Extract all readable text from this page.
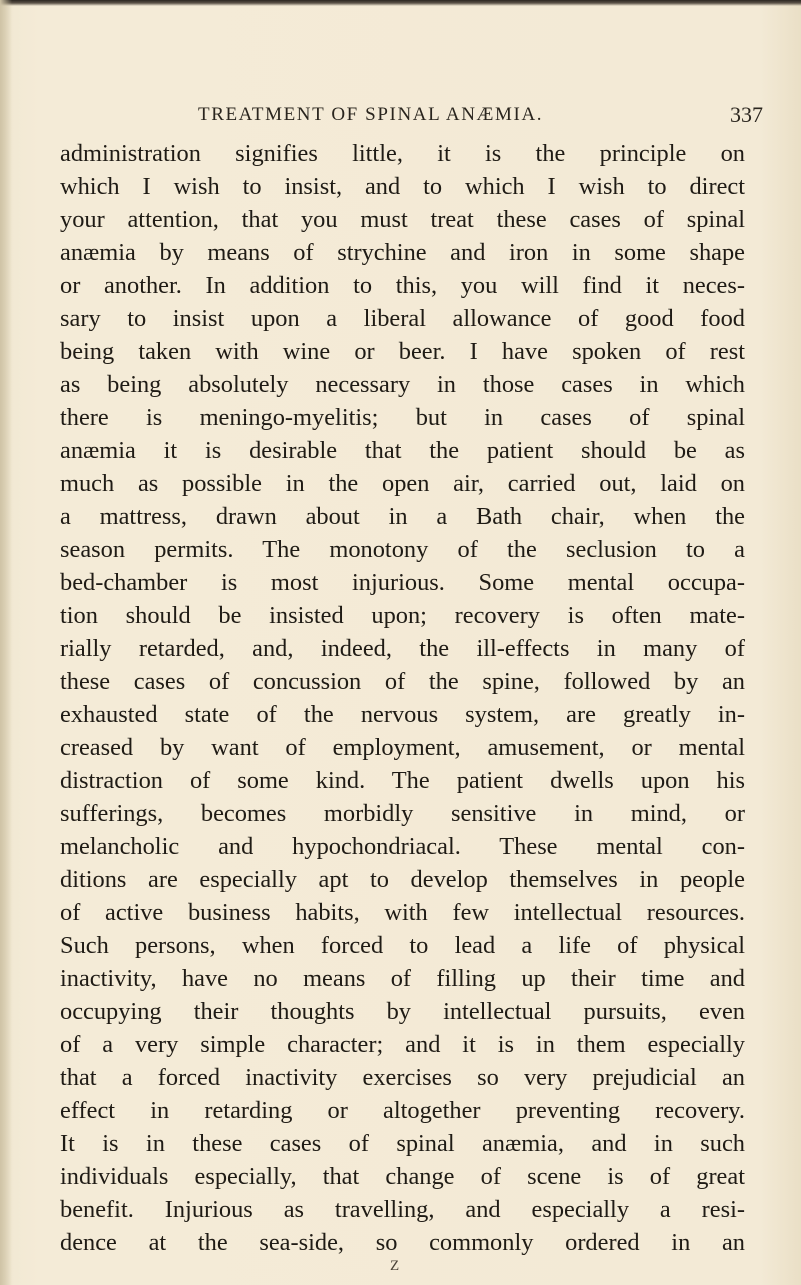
TREATMENT OF SPINAL ANÆMIA.	337
administration signifies little, it is the principle on
which I wish to insist, and to which I wish to direct
your attention, that you must treat these cases of spinal
anæmia by means of strychine and iron in some shape
or another. In addition to this, you will find it neces-
sary to insist upon a liberal allowance of good food
being taken with wine or beer. I have spoken of rest
as being absolutely necessary in those cases in which
there is meningo-myelitis; but in cases of spinal
anæmia it is desirable that the patient should be as
much as possible in the open air, carried out, laid on
a mattress, drawn about in a Bath chair, when the
season permits. The monotony of the seclusion to a
bed-chamber is most injurious. Some mental occupa-
tion should be insisted upon; recovery is often mate-
rially retarded, and, indeed, the ill-effects in many of
these cases of concussion of the spine, followed by an
exhausted state of the nervous system, are greatly in-
creased by want of employment, amusement, or mental
distraction of some kind. The patient dwells upon his
sufferings, becomes morbidly sensitive in mind, or
melancholic and hypochondriacal. These mental con-
ditions are especially apt to develop themselves in people
of active business habits, with few intellectual resources.
Such persons, when forced to lead a life of physical
inactivity, have no means of filling up their time and
occupying their thoughts by intellectual pursuits, even
of a very simple character; and it is in them especially
that a forced inactivity exercises so very prejudicial an
effect in retarding or altogether preventing recovery.
It is in these cases of spinal anæmia, and in such
individuals especially, that change of scene is of great
benefit. Injurious as travelling, and especially a resi-
dence at the sea-side, so commonly ordered in an
Z
